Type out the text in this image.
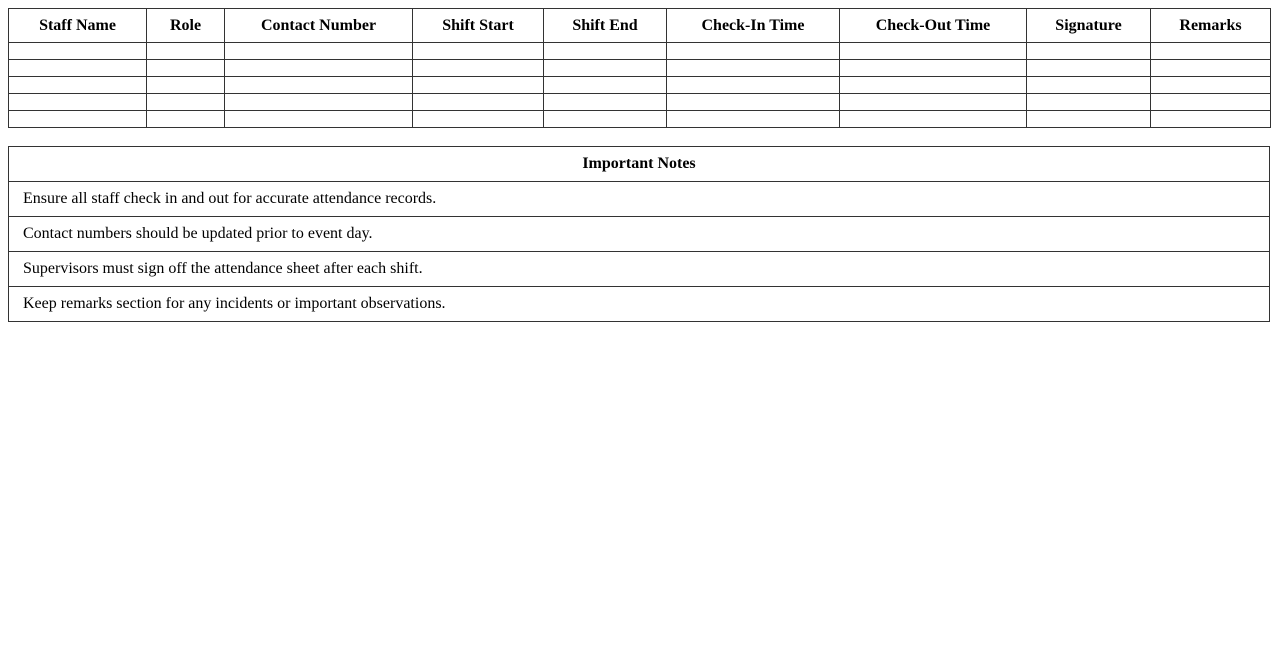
Staff Name	Role	Contact Number	Shift Start	Shift End	Check-In Time	Check-Out Time	Signature	Remarks

Important Notes
Ensure all staff check in and out for accurate attendance records.
Contact numbers should be updated prior to event day.
Supervisors must sign off the attendance sheet after each shift.
Keep remarks section for any incidents or important observations.
